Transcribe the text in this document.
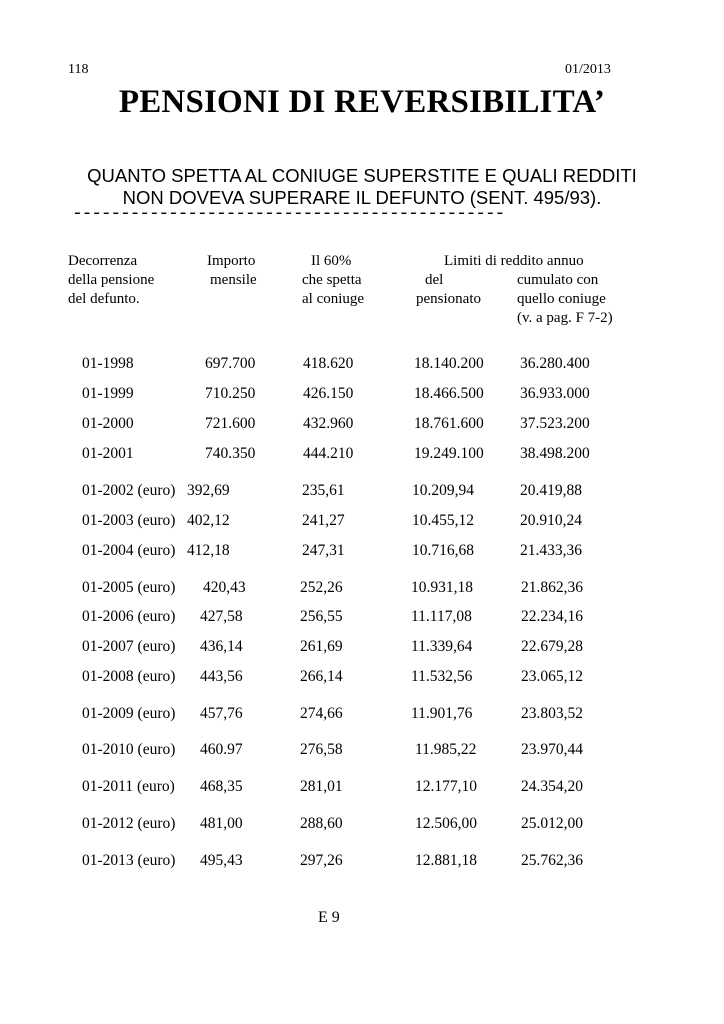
118	01/2013
PENSIONI DI REVERSIBILITA’
QUANTO SPETTA AL CONIUGE SUPERSTITE E QUALI REDDITI
NON DOVEVA SUPERARE IL DEFUNTO (SENT. 495/93).
---------------------------------------------
Decorrenza
della pensione
del defunto.
Importo
mensile
Il 60%
che spetta
al coniuge
Limiti di reddito annuo
del
pensionato
cumulato con
quello coniuge
(v. a pag. F 7-2)
01-1998	697.700	418.620	18.140.200 36.280.400
01-1999	710.250	426.150	18.466.500 36.933.000
01-2000	721.600	432.960	18.761.600 37.523.200
01-2001	740.350	444.210	19.249.100 38.498.200
01-2002 (euro) 392,69	235,61	10.209,94	20.419,88
01-2003 (euro) 402,12	241,27	10.455,12	20.910,24
01-2004 (euro) 412,18	247,31	10.716,68	21.433,36
01-2005 (euro) 420,43	252,26	10.931,18	21.862,36
01-2006 (euro) 427,58	256,55	11.117,08	22.234,16
01-2007 (euro) 436,14	261,69	11.339,64	22.679,28
01-2008 (euro) 443,56	266,14	11.532,56	23.065,12
01-2009 (euro) 457,76	274,66	11.901,76	23.803,52
01-2010 (euro) 460.97	276,58	11.985,22	23.970,44
01-2011 (euro) 468,35	281,01	12.177,10	24.354,20
01-2012 (euro) 481,00	288,60	12.506,00	25.012,00
01-2013 (euro) 495,43	297,26	12.881,18	25.762,36
E 9
